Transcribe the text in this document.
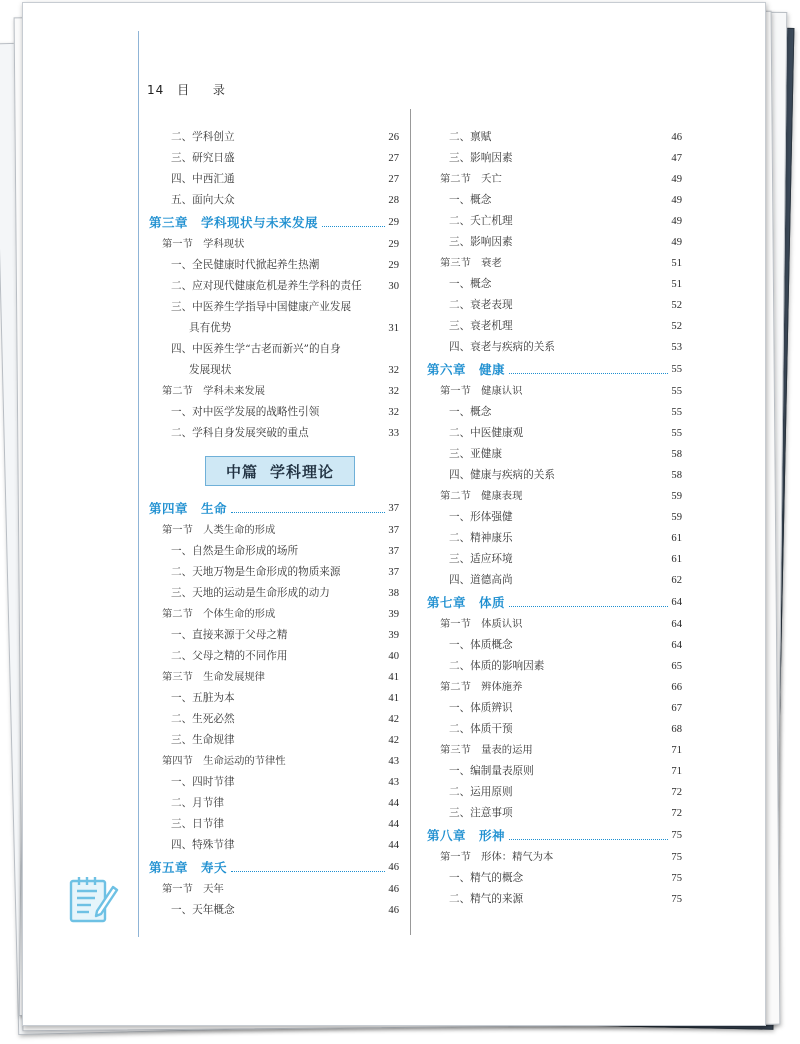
14 目 录
二、学科创立	26
三、研究日盛	27
四、中西汇通	27
五、面向大众	28
第三章　学科现状与未来发展	29
第一节　学科现状	29
一、全民健康时代掀起养生热潮	29
二、应对现代健康危机是养生学科的责任	30
三、中医养生学指导中国健康产业发展
具有优势	31
四、中医养生学“古老而新兴”的自身
发展现状	32
第二节　学科未来发展	32
一、对中医学发展的战略性引领	32
二、学科自身发展突破的重点	33
中篇 学科理论
第四章　生命	37
第一节　人类生命的形成	37
一、自然是生命形成的场所	37
二、天地万物是生命形成的物质来源	37
三、天地的运动是生命形成的动力	38
第二节　个体生命的形成	39
一、直接来源于父母之精	39
二、父母之精的不同作用	40
第三节　生命发展规律	41
一、五脏为本	41
二、生死必然	42
三、生命规律	42
第四节　生命运动的节律性	43
一、四时节律	43
二、月节律	44
三、日节律	44
四、特殊节律	44
第五章　寿夭	46
第一节　天年	46
一、天年概念	46
二、禀赋	46
三、影响因素	47
第二节　夭亡	49
一、概念	49
二、夭亡机理	49
三、影响因素	49
第三节　衰老	51
一、概念	51
二、衰老表现	52
三、衰老机理	52
四、衰老与疾病的关系	53
第六章　健康	55
第一节　健康认识	55
一、概念	55
二、中医健康观	55
三、亚健康	58
四、健康与疾病的关系	58
第二节　健康表现	59
一、形体强健	59
二、精神康乐	61
三、适应环境	61
四、道德高尚	62
第七章　体质	64
第一节　体质认识	64
一、体质概念	64
二、体质的影响因素	65
第二节　辨体施养	66
一、体质辨识	67
二、体质干预	68
第三节　量表的运用	71
一、编制量表原则	71
二、运用原则	72
三、注意事项	72
第八章　形神	75
第一节　形体：精气为本	75
一、精气的概念	75
二、精气的来源	75
